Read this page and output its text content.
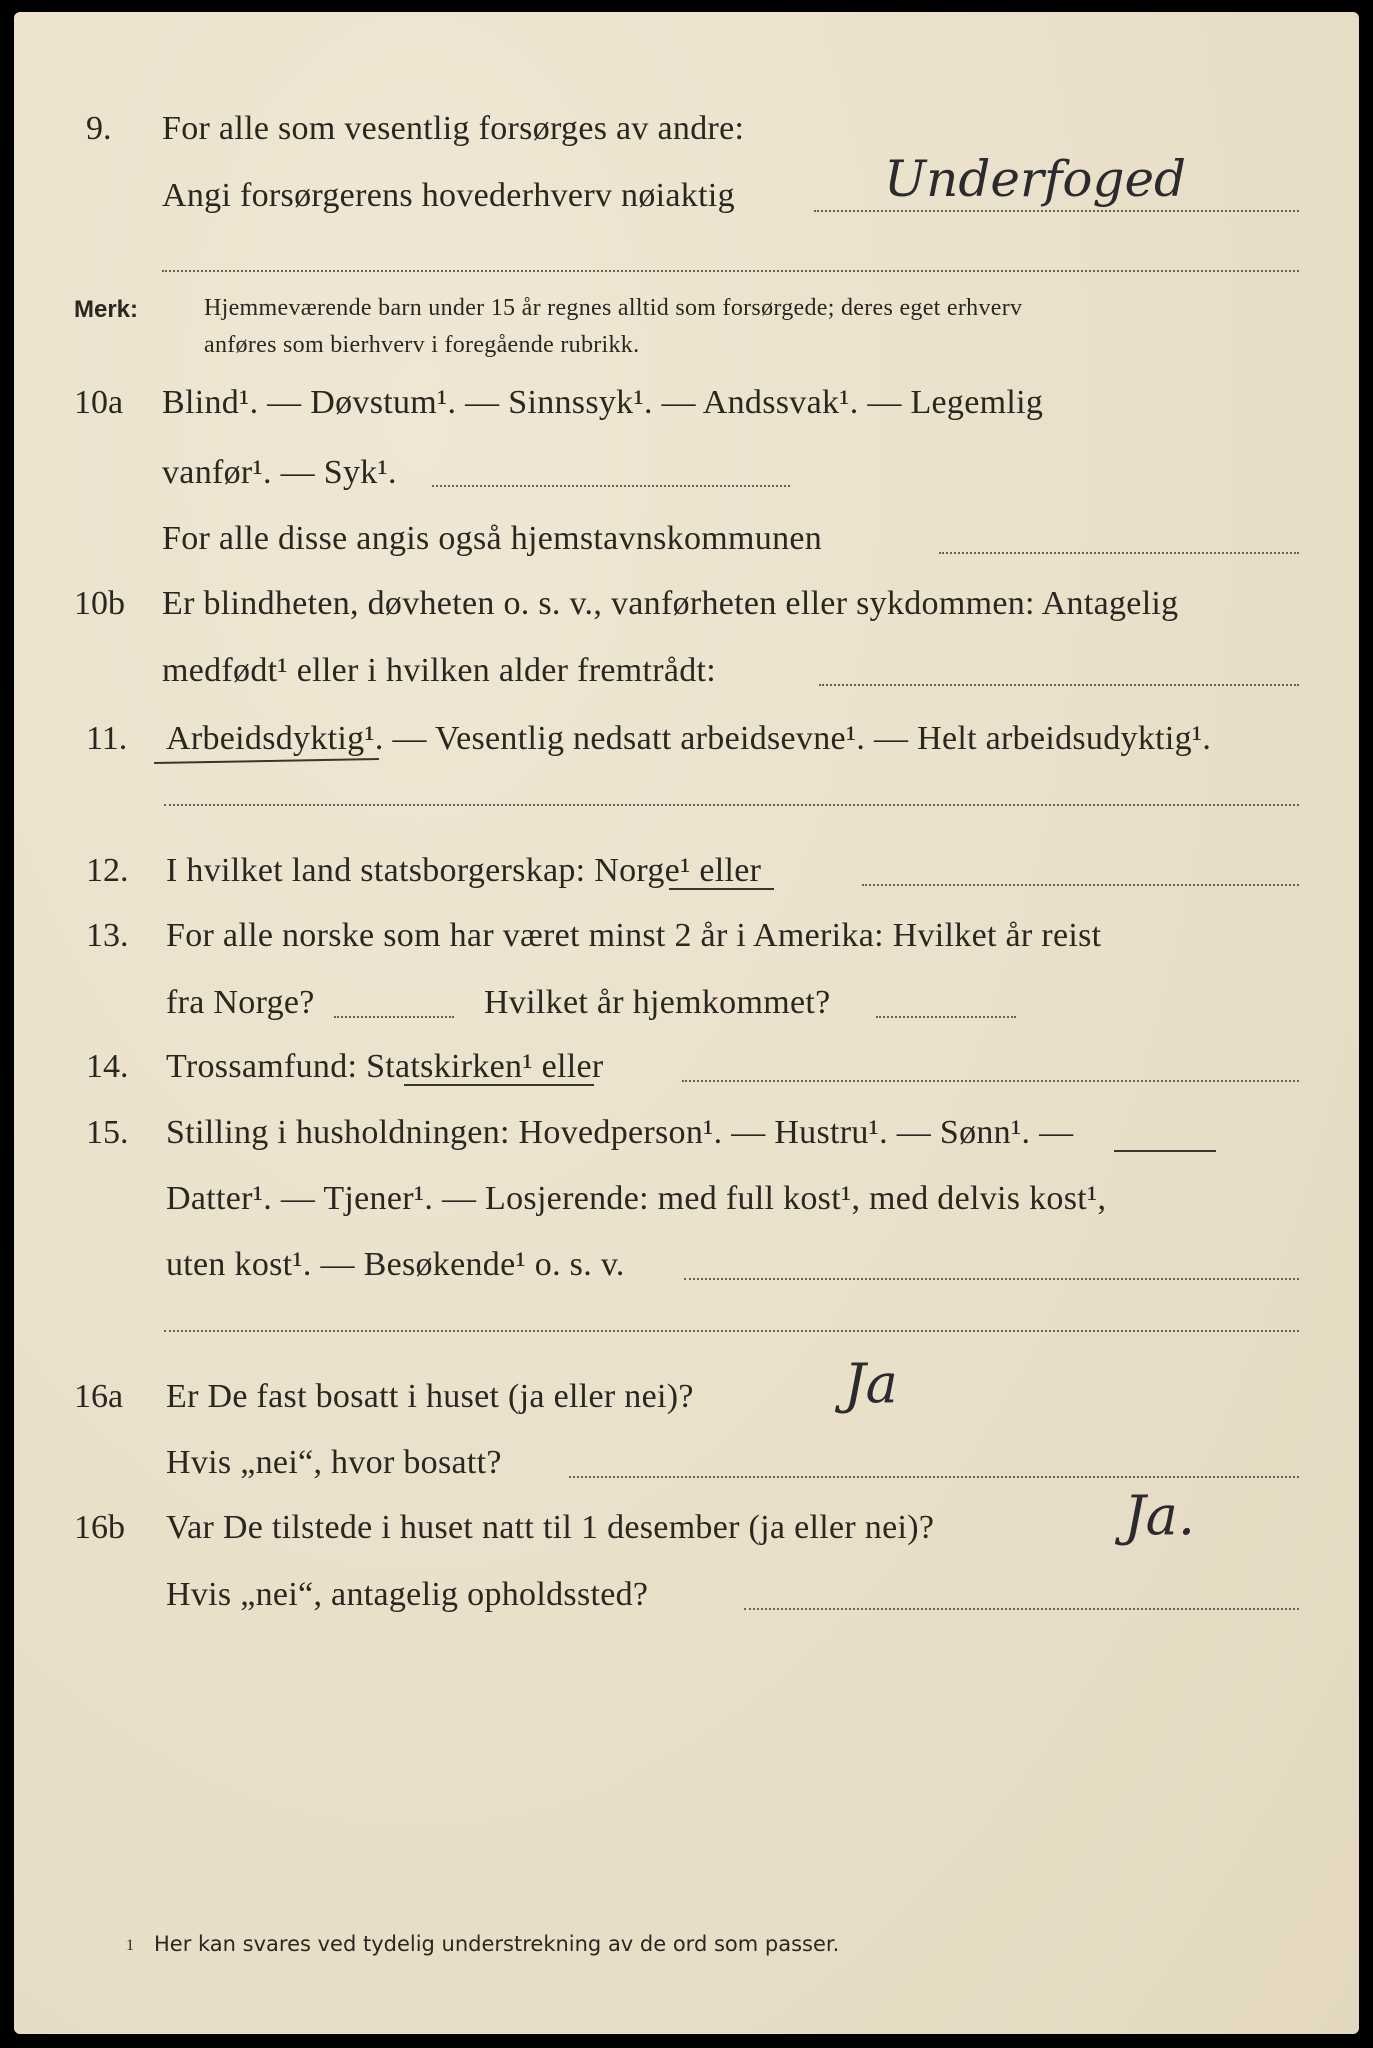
9. For alle som vesentlig forsørges av andre:
Angi forsørgerens hovederhverv nøiaktig	Underfoged
Merk:	Hjemmeværende barn under 15 år regnes alltid som forsørgede; deres eget erhverv
anføres som bierhverv i foregående rubrikk.
10a Blind¹. — Døvstum¹. — Sinnssyk¹. — Andssvak¹. — Legemlig
vanfør¹. — Syk¹.
For alle disse angis også hjemstavnskommunen
10b Er blindheten, døvheten o. s. v., vanførheten eller sykdommen: Antagelig
medfødt¹ eller i hvilken alder fremtrådt:
11. Arbeidsdyktig¹. — Vesentlig nedsatt arbeidsevne¹. — Helt arbeidsudyktig¹.
12. I hvilket land statsborgerskap: Norge¹ eller
13. For alle norske som har været minst 2 år i Amerika: Hvilket år reist
fra Norge?	Hvilket år hjemkommet?
14. Trossamfund: Statskirken¹ eller
15. Stilling i husholdningen: Hovedperson¹. — Hustru¹. — Sønn¹. —
Datter¹. — Tjener¹. — Losjerende: med full kost¹, med delvis kost¹,
uten kost¹. — Besøkende¹ o. s. v.
16a Er De fast bosatt i huset (ja eller nei)?	Ja
Hvis „nei“, hvor bosatt?
16b Var De tilstede i huset natt til 1 desember (ja eller nei)?	Ja.
Hvis „nei“, antagelig opholdssted?
1 Her kan svares ved tydelig understrekning av de ord som passer.
